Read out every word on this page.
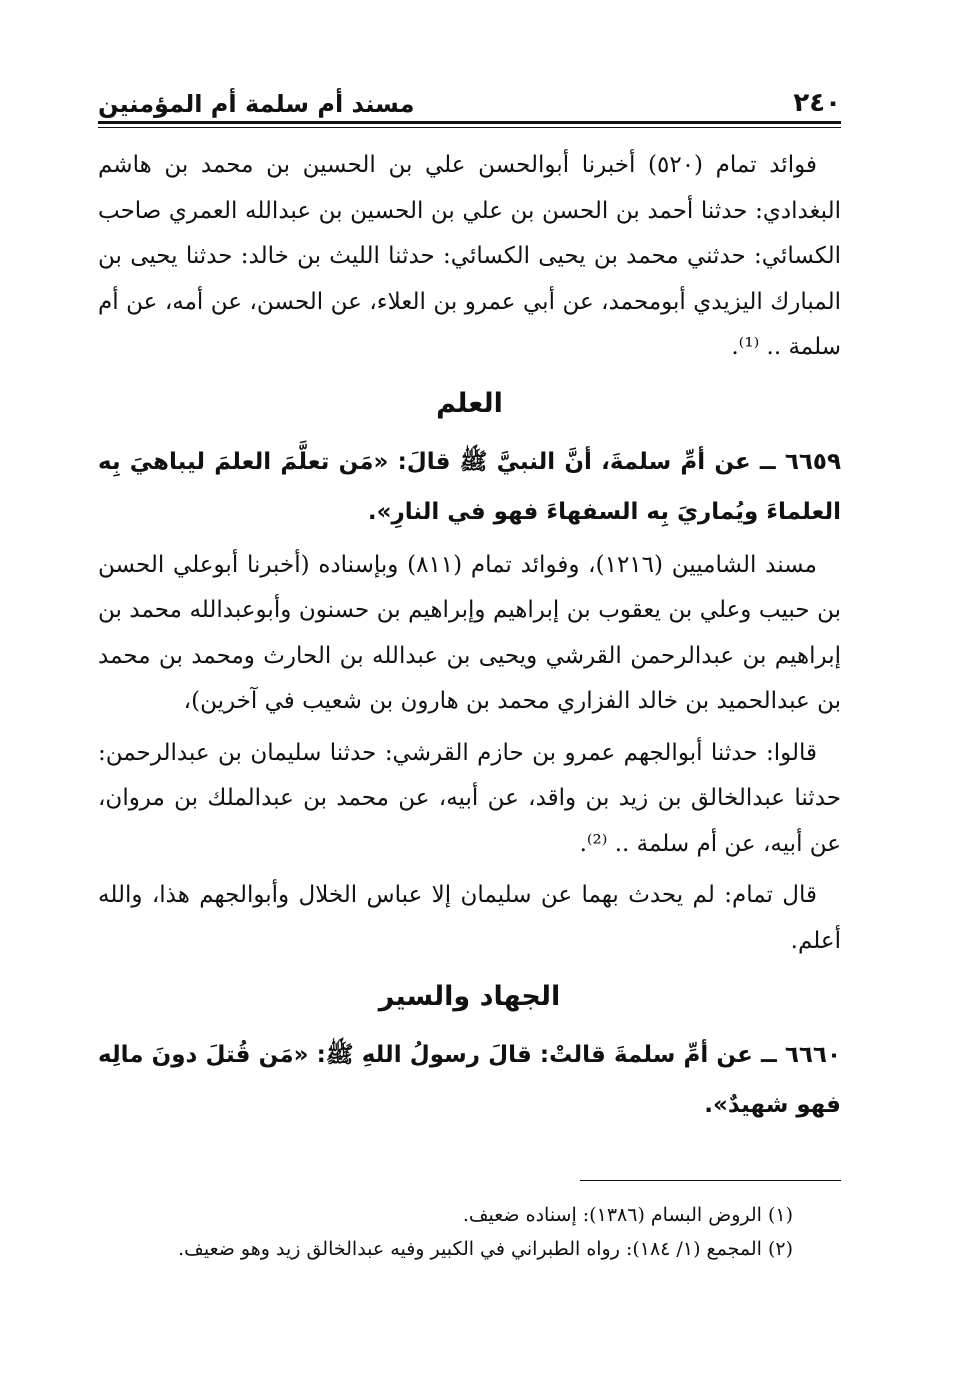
٢٤٠
مسند أم سلمة أم المؤمنين

فوائد تمام (٥٢٠) أخبرنا أبوالحسن علي بن الحسين بن محمد بن هاشم البغدادي: حدثنا أحمد بن الحسن بن علي بن الحسين بن عبدالله العمري صاحب الكسائي: حدثني محمد بن يحيى الكسائي: حدثنا الليث بن خالد: حدثنا يحيى بن المبارك اليزيدي أبومحمد، عن أبي عمرو بن العلاء، عن الحسن، عن أمه، عن أم سلمة .. ⁽¹⁾.

العلم

٦٦٥٩ ــ عن أمِّ سلمةَ، أنَّ النبيَّ ﷺ قالَ: «مَن تعلَّمَ العلمَ ليباهيَ بِه العلماءَ ويُماريَ بِه السفهاءَ فهو في النارِ».

مسند الشاميين (١٢١٦)، وفوائد تمام (٨١١) وبإسناده (أخبرنا أبوعلي الحسن بن حبيب وعلي بن يعقوب بن إبراهيم وإبراهيم بن حسنون وأبوعبدالله محمد بن إبراهيم بن عبدالرحمن القرشي ويحيى بن عبدالله بن الحارث ومحمد بن محمد بن عبدالحميد بن خالد الفزاري محمد بن هارون بن شعيب في آخرين)،

قالوا: حدثنا أبوالجهم عمرو بن حازم القرشي: حدثنا سليمان بن عبدالرحمن: حدثنا عبدالخالق بن زيد بن واقد، عن أبيه، عن محمد بن عبدالملك بن مروان، عن أبيه، عن أم سلمة .. ⁽²⁾.

قال تمام: لم يحدث بهما عن سليمان إلا عباس الخلال وأبوالجهم هذا، والله أعلم.

الجهاد والسير

٦٦٦٠ ــ عن أمِّ سلمةَ قالتْ: قالَ رسولُ اللهِ ﷺ: «مَن قُتلَ دونَ مالِه فهو شهيدٌ».

(١)الروض البسام (١٣٨٦): إسناده ضعيف.

(٢)المجمع (١/ ١٨٤): رواه الطبراني في الكبير وفيه عبدالخالق زيد وهو ضعيف.
